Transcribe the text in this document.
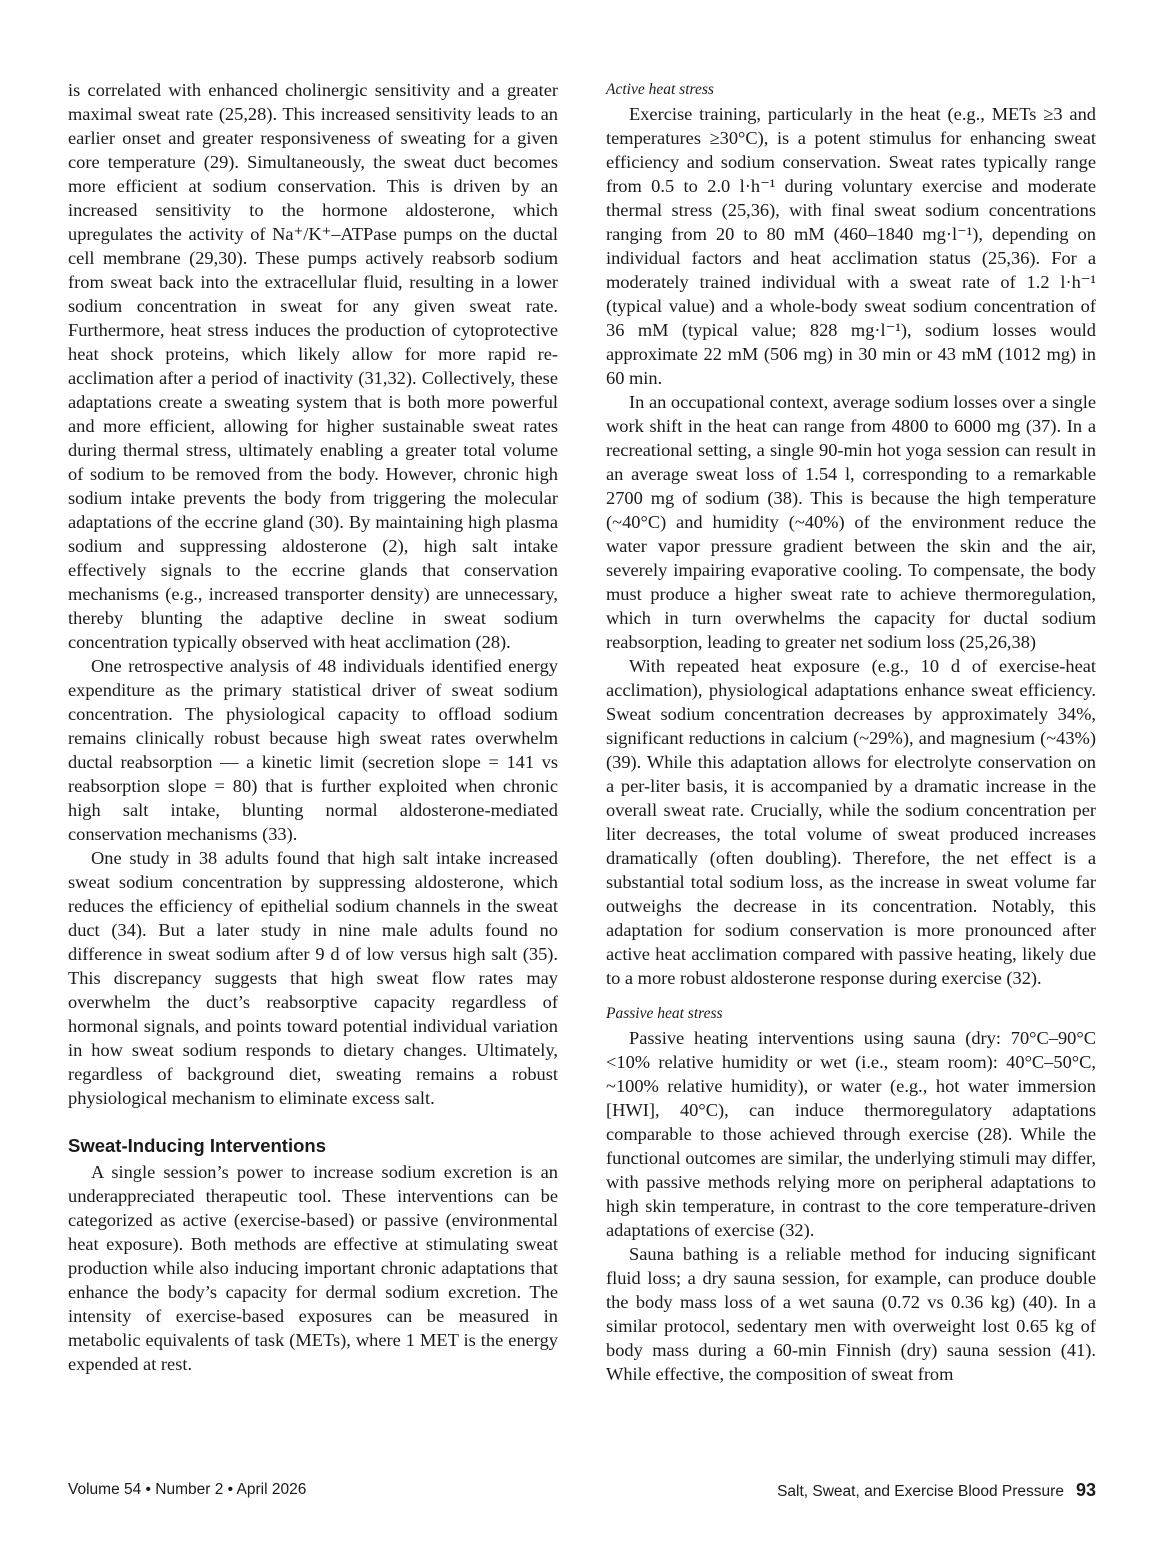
is correlated with enhanced cholinergic sensitivity and a greater maximal sweat rate (25,28). This increased sensitivity leads to an earlier onset and greater responsiveness of sweating for a given core temperature (29). Simultaneously, the sweat duct becomes more efficient at sodium conservation. This is driven by an increased sensitivity to the hormone aldosterone, which upregulates the activity of Na⁺/K⁺–ATPase pumps on the ductal cell membrane (29,30). These pumps actively reabsorb sodium from sweat back into the extracellular fluid, resulting in a lower sodium concentration in sweat for any given sweat rate. Furthermore, heat stress induces the production of cytoprotective heat shock proteins, which likely allow for more rapid re-acclimation after a period of inactivity (31,32). Collectively, these adaptations create a sweating system that is both more powerful and more efficient, allowing for higher sustainable sweat rates during thermal stress, ultimately enabling a greater total volume of sodium to be removed from the body. However, chronic high sodium intake prevents the body from triggering the molecular adaptations of the eccrine gland (30). By maintaining high plasma sodium and suppressing aldosterone (2), high salt intake effectively signals to the eccrine glands that conservation mechanisms (e.g., increased transporter density) are unnecessary, thereby blunting the adaptive decline in sweat sodium concentration typically observed with heat acclimation (28).

One retrospective analysis of 48 individuals identified energy expenditure as the primary statistical driver of sweat sodium concentration. The physiological capacity to offload sodium remains clinically robust because high sweat rates overwhelm ductal reabsorption — a kinetic limit (secretion slope = 141 vs reabsorption slope = 80) that is further exploited when chronic high salt intake, blunting normal aldosterone-mediated conservation mechanisms (33).

One study in 38 adults found that high salt intake increased sweat sodium concentration by suppressing aldosterone, which reduces the efficiency of epithelial sodium channels in the sweat duct (34). But a later study in nine male adults found no difference in sweat sodium after 9 d of low versus high salt (35). This discrepancy suggests that high sweat flow rates may overwhelm the duct’s reabsorptive capacity regardless of hormonal signals, and points toward potential individual variation in how sweat sodium responds to dietary changes. Ultimately, regardless of background diet, sweating remains a robust physiological mechanism to eliminate excess salt.

Sweat-Inducing Interventions

A single session’s power to increase sodium excretion is an underappreciated therapeutic tool. These interventions can be categorized as active (exercise-based) or passive (environmental heat exposure). Both methods are effective at stimulating sweat production while also inducing important chronic adaptations that enhance the body’s capacity for dermal sodium excretion. The intensity of exercise-based exposures can be measured in metabolic equivalents of task (METs), where 1 MET is the energy expended at rest.

Active heat stress

Exercise training, particularly in the heat (e.g., METs ≥3 and temperatures ≥30°C), is a potent stimulus for enhancing sweat efficiency and sodium conservation. Sweat rates typically range from 0.5 to 2.0 l·h⁻¹ during voluntary exercise and moderate thermal stress (25,36), with final sweat sodium concentrations ranging from 20 to 80 mM (460–1840 mg·l⁻¹), depending on individual factors and heat acclimation status (25,36). For a moderately trained individual with a sweat rate of 1.2 l·h⁻¹ (typical value) and a whole-body sweat sodium concentration of 36 mM (typical value; 828 mg·l⁻¹), sodium losses would approximate 22 mM (506 mg) in 30 min or 43 mM (1012 mg) in 60 min.

In an occupational context, average sodium losses over a single work shift in the heat can range from 4800 to 6000 mg (37). In a recreational setting, a single 90-min hot yoga session can result in an average sweat loss of 1.54 l, corresponding to a remarkable 2700 mg of sodium (38). This is because the high temperature (~40°C) and humidity (~40%) of the environment reduce the water vapor pressure gradient between the skin and the air, severely impairing evaporative cooling. To compensate, the body must produce a higher sweat rate to achieve thermoregulation, which in turn overwhelms the capacity for ductal sodium reabsorption, leading to greater net sodium loss (25,26,38)

With repeated heat exposure (e.g., 10 d of exercise-heat acclimation), physiological adaptations enhance sweat efficiency. Sweat sodium concentration decreases by approximately 34%, significant reductions in calcium (~29%), and magnesium (~43%) (39). While this adaptation allows for electrolyte conservation on a per-liter basis, it is accompanied by a dramatic increase in the overall sweat rate. Crucially, while the sodium concentration per liter decreases, the total volume of sweat produced increases dramatically (often doubling). Therefore, the net effect is a substantial total sodium loss, as the increase in sweat volume far outweighs the decrease in its concentration. Notably, this adaptation for sodium conservation is more pronounced after active heat acclimation compared with passive heating, likely due to a more robust aldosterone response during exercise (32).

Passive heat stress

Passive heating interventions using sauna (dry: 70°C–90°C <10% relative humidity or wet (i.e., steam room): 40°C–50°C, ~100% relative humidity), or water (e.g., hot water immersion [HWI], 40°C), can induce thermoregulatory adaptations comparable to those achieved through exercise (28). While the functional outcomes are similar, the underlying stimuli may differ, with passive methods relying more on peripheral adaptations to high skin temperature, in contrast to the core temperature-driven adaptations of exercise (32).

Sauna bathing is a reliable method for inducing significant fluid loss; a dry sauna session, for example, can produce double the body mass loss of a wet sauna (0.72 vs 0.36 kg) (40). In a similar protocol, sedentary men with overweight lost 0.65 kg of body mass during a 60-min Finnish (dry) sauna session (41). While effective, the composition of sweat from

Volume 54 • Number 2 • April 2026	Salt, Sweat, and Exercise Blood Pressure 93
